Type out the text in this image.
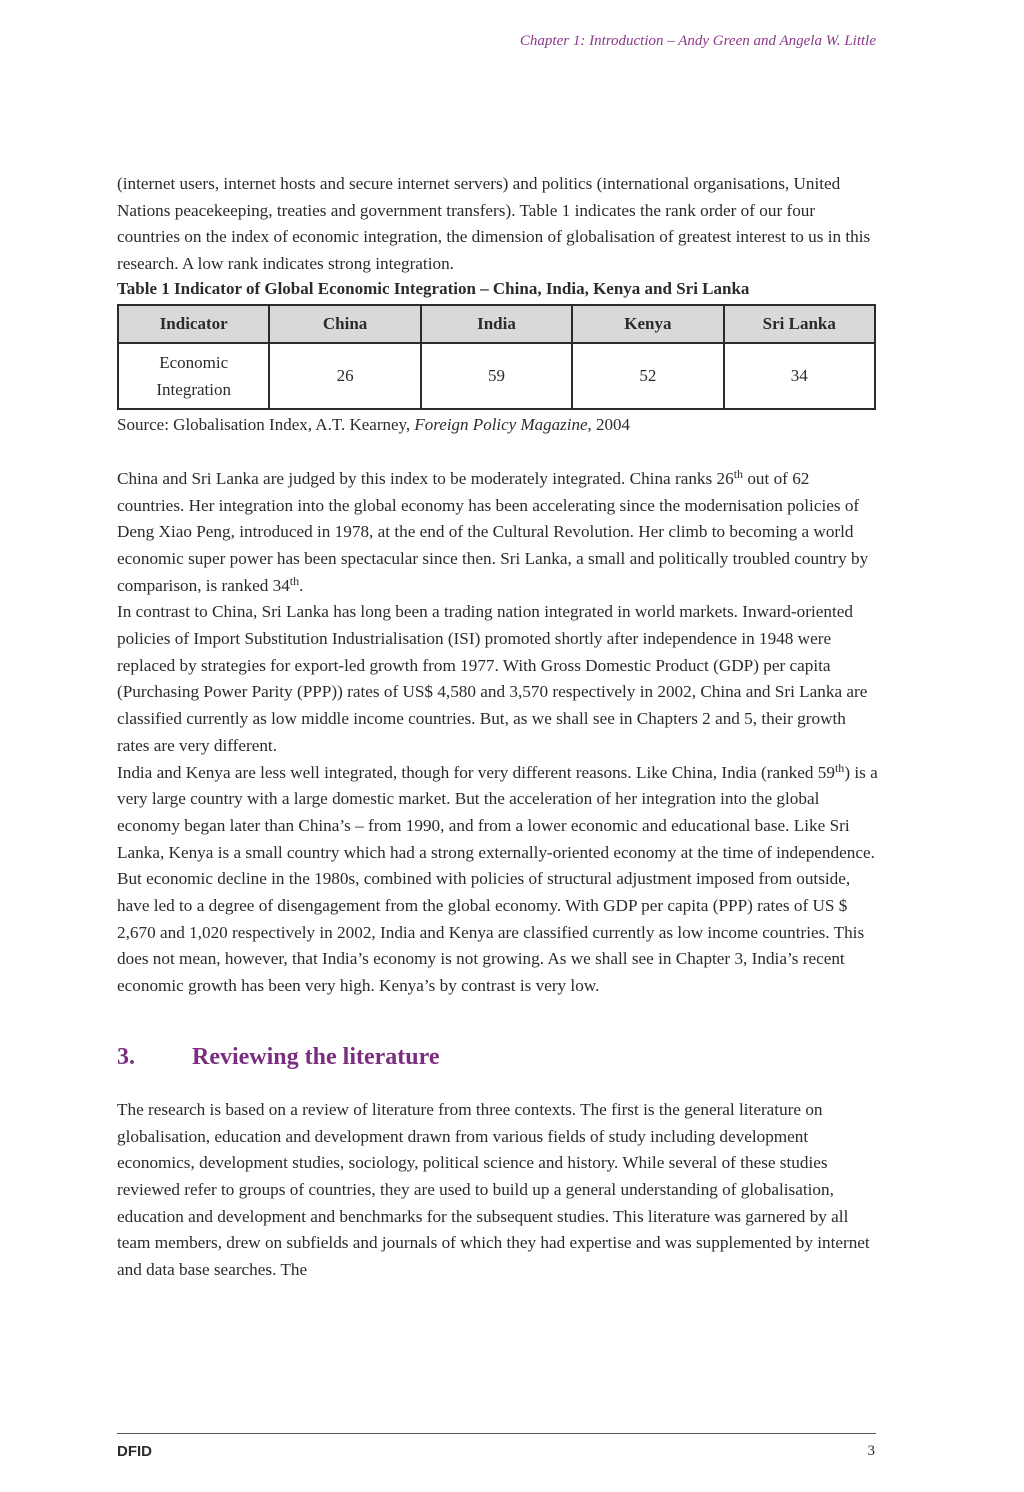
Chapter 1: Introduction – Andy Green and Angela W. Little

(internet users, internet hosts and secure internet servers) and politics (international organisations, United Nations peacekeeping, treaties and government transfers). Table 1 indicates the rank order of our four countries on the index of economic integration, the dimension of globalisation of greatest interest to us in this research. A low rank indicates strong integration.

Table 1 Indicator of Global Economic Integration – China, India, Kenya and Sri Lanka
Indicator	China	India	Kenya	Sri Lanka
Economic
Integration	26	59	52	34
Source: Globalisation Index, A.T. Kearney, Foreign Policy Magazine, 2004

China and Sri Lanka are judged by this index to be moderately integrated. China ranks 26th out of 62 countries. Her integration into the global economy has been accelerating since the modernisation policies of Deng Xiao Peng, introduced in 1978, at the end of the Cultural Revolution. Her climb to becoming a world economic super power has been spectacular since then. Sri Lanka, a small and politically troubled country by comparison, is ranked 34th.
In contrast to China, Sri Lanka has long been a trading nation integrated in world markets. Inward-oriented policies of Import Substitution Industrialisation (ISI) promoted shortly after independence in 1948 were replaced by strategies for export-led growth from 1977. With Gross Domestic Product (GDP) per capita (Purchasing Power Parity (PPP)) rates of US$ 4,580 and 3,570 respectively in 2002, China and Sri Lanka are classified currently as low middle income countries. But, as we shall see in Chapters 2 and 5, their growth rates are very different.

India and Kenya are less well integrated, though for very different reasons. Like China, India (ranked 59th) is a very large country with a large domestic market. But the acceleration of her integration into the global economy began later than China’s – from 1990, and from a lower economic and educational base. Like Sri Lanka, Kenya is a small country which had a strong externally-oriented economy at the time of independence. But economic decline in the 1980s, combined with policies of structural adjustment imposed from outside, have led to a degree of disengagement from the global economy. With GDP per capita (PPP) rates of US $ 2,670 and 1,020 respectively in 2002, India and Kenya are classified currently as low income countries. This does not mean, however, that India’s economy is not growing. As we shall see in Chapter 3, India’s recent economic growth has been very high. Kenya’s by contrast is very low.

3.	Reviewing the literature

The research is based on a review of literature from three contexts. The first is the general literature on globalisation, education and development drawn from various fields of study including development economics, development studies, sociology, political science and history. While several of these studies reviewed refer to groups of countries, they are used to build up a general understanding of globalisation, education and development and benchmarks for the subsequent studies. This literature was garnered by all team members, drew on subfields and journals of which they had expertise and was supplemented by internet and data base searches. The

DFID	3
